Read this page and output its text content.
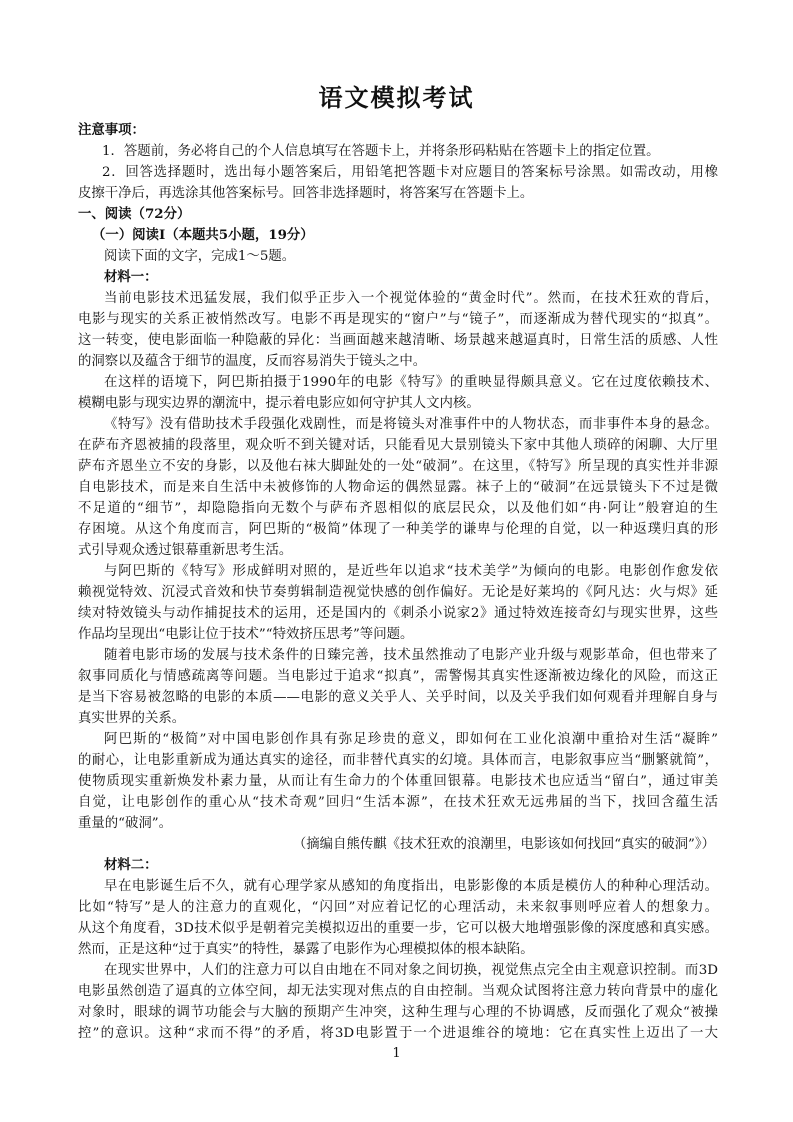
语文模拟考试

注意事项：

1．答题前，务必将自己的个人信息填写在答题卡上，并将条形码粘贴在答题卡上的指定位置。

2．回答选择题时，选出每小题答案后，用铅笔把答题卡对应题目的答案标号涂黑。如需改动，用橡

皮擦干净后，再选涂其他答案标号。回答非选择题时，将答案写在答题卡上。

一、阅读（72分）

（一）阅读Ⅰ（本题共5小题，19分）

阅读下面的文字，完成1～5题。

材料一：

当前电影技术迅猛发展，我们似乎正步入一个视觉体验的“黄金时代”。然而，在技术狂欢的背后，

电影与现实的关系正被悄然改写。电影不再是现实的“窗户”与“镜子”，而逐渐成为替代现实的“拟真”。

这一转变，使电影面临一种隐蔽的异化：当画面越来越清晰、场景越来越逼真时，日常生活的质感、人性

的洞察以及蕴含于细节的温度，反而容易消失于镜头之中。

在这样的语境下，阿巴斯拍摄于1990年的电影《特写》的重映显得颇具意义。它在过度依赖技术、

模糊电影与现实边界的潮流中，提示着电影应如何守护其人文内核。

《特写》没有借助技术手段强化戏剧性，而是将镜头对准事件中的人物状态，而非事件本身的悬念。

在萨布齐恩被捕的段落里，观众听不到关键对话，只能看见大景别镜头下家中其他人琐碎的闲聊、大厅里

萨布齐恩坐立不安的身影，以及他右袜大脚趾处的一处“破洞”。在这里，《特写》所呈现的真实性并非源

自电影技术，而是来自生活中未被修饰的人物命运的偶然显露。袜子上的“破洞”在远景镜头下不过是微

不足道的“细节”，却隐隐指向无数个与萨布齐恩相似的底层民众，以及他们如“冉·阿让”般窘迫的生

存困境。从这个角度而言，阿巴斯的“极简”体现了一种美学的谦卑与伦理的自觉，以一种返璞归真的形

式引导观众透过银幕重新思考生活。

与阿巴斯的《特写》形成鲜明对照的，是近些年以追求“技术美学”为倾向的电影。电影创作愈发依

赖视觉特效、沉浸式音效和快节奏剪辑制造视觉快感的创作偏好。无论是好莱坞的《阿凡达：火与烬》延

续对特效镜头与动作捕捉技术的运用，还是国内的《刺杀小说家2》通过特效连接奇幻与现实世界，这些

作品均呈现出“电影让位于技术”“特效挤压思考”等问题。

随着电影市场的发展与技术条件的日臻完善，技术虽然推动了电影产业升级与观影革命，但也带来了

叙事同质化与情感疏离等问题。当电影过于追求“拟真”，需警惕其真实性逐渐被边缘化的风险，而这正

是当下容易被忽略的电影的本质——电影的意义关乎人、关乎时间，以及关乎我们如何观看并理解自身与

真实世界的关系。

阿巴斯的“极简”对中国电影创作具有弥足珍贵的意义，即如何在工业化浪潮中重拾对生活“凝眸”

的耐心，让电影重新成为通达真实的途径，而非替代真实的幻境。具体而言，电影叙事应当“删繁就简”，

使物质现实重新焕发朴素力量，从而让有生命力的个体重回银幕。电影技术也应适当“留白”，通过审美

自觉，让电影创作的重心从“技术奇观”回归“生活本源”，在技术狂欢无远弗届的当下，找回含蕴生活

重量的“破洞”。

（摘编自熊传麒《技术狂欢的浪潮里，电影该如何找回“真实的破洞”》）

材料二：

早在电影诞生后不久，就有心理学家从感知的角度指出，电影影像的本质是模仿人的种种心理活动。

比如“特写”是人的注意力的直观化，“闪回”对应着记忆的心理活动，未来叙事则呼应着人的想象力。

从这个角度看，3D技术似乎是朝着完美模拟迈出的重要一步，它可以极大地增强影像的深度感和真实感。

然而，正是这种“过于真实”的特性，暴露了电影作为心理模拟体的根本缺陷。

在现实世界中，人们的注意力可以自由地在不同对象之间切换，视觉焦点完全由主观意识控制。而3D

电影虽然创造了逼真的立体空间，却无法实现对焦点的自由控制。当观众试图将注意力转向背景中的虚化

对象时，眼球的调节功能会与大脑的预期产生冲突，这种生理与心理的不协调感，反而强化了观众“被操

控”的意识。这种“求而不得”的矛盾，将3D电影置于一个进退维谷的境地：它在真实性上迈出了一大

1
